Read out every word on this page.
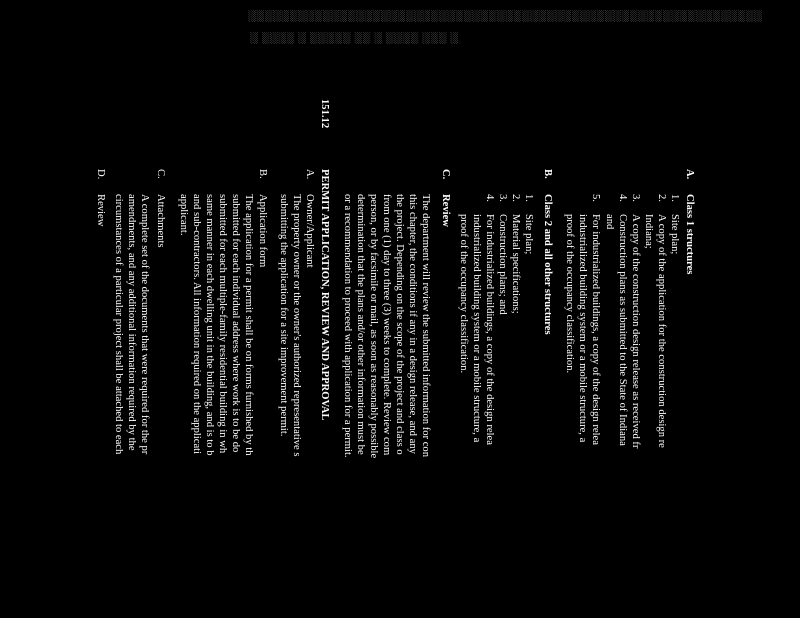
░░░░░░░░░░░░░░░░░░░░░░░░░░░░░░░░░░░░░░░░░░░░░░░░░░░░░░░░░░░░░░
░ ░░░░ ░ ░░░░░ ░░ ░ ░░░░ ░░░ ░
A.
Class 1 structures
1.
Site plan;
2.
A copy of the application for the construction design re
Indiana;
3.
A copy of the construction design release as received fr
4.
Construction plans as submitted to the State of Indiana
and
5.
For industrialized buildings, a copy of the design relea
industrialized building system or a mobile structure, a
proof of the occupancy classification.
B.
Class 2 and all other structures
1.
Site plan;
2.
Material specifications;
3.
Construction plans; and
4.
For industrialized buildings, a copy of the design relea
industrialized building system or a mobile structure, a
proof of the occupancy classification.
C.
Review
The department will review the submitted information for con
this chapter, the conditions if any in a design release, and any
the project. Depending on the scope of the project and class o
from one (1) day to three (3) weeks to complete. Review com
person, or by facsimile or mail, as soon as reasonably possible
determination that the plans and/or other information must be
or a recommendation to proceed with application for a permit.
151.12
PERMIT APPLICATION, REVIEW AND APPROVAL
A.
Owner/Applicant
The property owner or the owner's authorized representative s
submitting the application for a site improvement permit.
B.
Application form
The application for a permit shall be on forms furnished by th
submitted for each individual address where work is to be do
submitted for each multiple-family residential building in wh
same manner in each dwelling unit in the building, and is to b
and sub-contractors. All information required on the applicati
applicant.
C.
Attachments
A complete set of the documents that were required for the pr
amendments, and any additional information required by the
circumstances of a particular project shall be attached to each
D.
Review
